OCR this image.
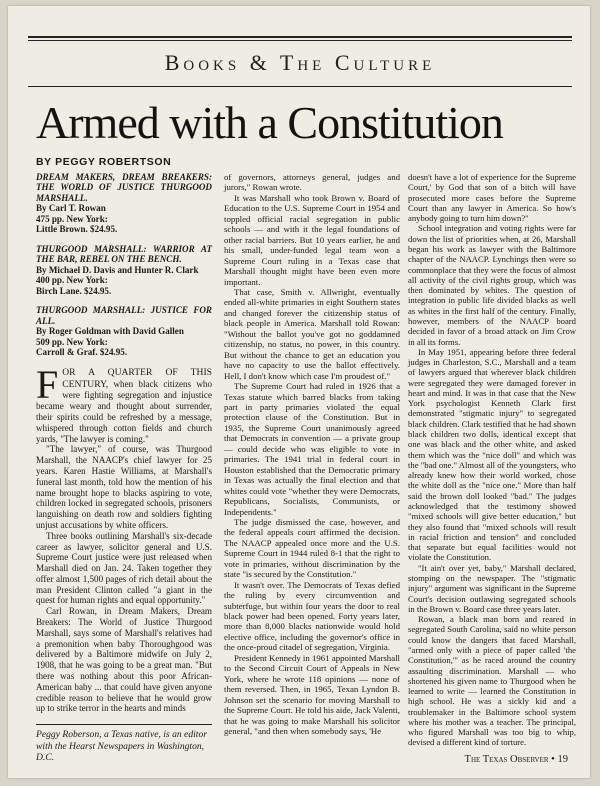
Books & The Culture
Armed with a Constitution
BY PEGGY ROBERTSON
DREAM MAKERS, DREAM BREAKERS: THE WORLD OF JUSTICE THURGOOD MARSHALL.
By Carl T. Rowan
475 pp. New York:
Little Brown. $24.95.
THURGOOD MARSHALL: WARRIOR AT THE BAR, REBEL ON THE BENCH.
By Michael D. Davis and Hunter R. Clark
400 pp. New York:
Birch Lane. $24.95.
THURGOOD MARSHALL: JUSTICE FOR ALL.
By Roger Goldman with David Gallen
509 pp. New York:
Carroll & Graf. $24.95.

FOR A QUARTER OF THIS CENTURY, when black citizens who were fighting segregation and injustice became weary and thought about surrender, their spirits could be refreshed by a message, whispered through cotton fields and church yards, "The lawyer is coming."

"The lawyer," of course, was Thurgood Marshall, the NAACP's chief lawyer for 25 years. Karen Hastie Williams, at Marshall's funeral last month, told how the mention of his name brought hope to blacks aspiring to vote, children locked in segregated schools, prisoners languishing on death row and soldiers fighting unjust accusations by white officers.

Three books outlining Marshall's six-decade career as lawyer, solicitor general and U.S. Supreme Court justice were just released when Marshall died on Jan. 24. Taken together they offer almost 1,500 pages of rich detail about the man President Clinton called "a giant in the quest for human rights and equal opportunity."

Carl Rowan, in Dream Makers, Dream Breakers: The World of Justice Thurgood Marshall, says some of Marshall's relatives had a premonition when baby Thoroughgood was delivered by a Baltimore midwife on July 2, 1908, that he was going to be a great man. "But there was nothing about this poor African-American baby ... that could have given anyone credible reason to believe that he would grow up to strike terror in the hearts and minds

Peggy Roberson, a Texas native, is an editor with the Hearst Newspapers in Washington, D.C.

of governors, attorneys general, judges and jurors," Rowan wrote.

It was Marshall who took Brown v. Board of Education to the U.S. Supreme Court in 1954 and toppled official racial segregation in public schools — and with it the legal foundations of other racial barriers. But 10 years earlier, he and his small, under-funded legal team won a Supreme Court ruling in a Texas case that Marshall thought might have been even more important.

That case, Smith v. Allwright, eventually ended all-white primaries in eight Southern states and changed forever the citizenship status of black people in America. Marshall told Rowan: "Without the ballot you've got no goddamned citizenship, no status, no power, in this country. But without the chance to get an education you have no capacity to use the ballot effectively. Hell, I don't know which case I'm proudest of."

The Supreme Court had ruled in 1926 that a Texas statute which barred blacks from taking part in party primaries violated the equal protection clause of the Constitution. But in 1935, the Supreme Court unanimously agreed that Democrats in convention — a private group — could decide who was eligible to vote in primaries. The 1941 trial in federal court in Houston established that the Democratic primary in Texas was actually the final election and that whites could vote "whether they were Democrats, Republicans, Socialists, Communists, or Independents."

The judge dismissed the case, however, and the federal appeals court affirmed the decision. The NAACP appealed once more and the U.S. Supreme Court in 1944 ruled 8-1 that the right to vote in primaries, without discrimination by the state "is secured by the Constitution."

It wasn't over. The Democrats of Texas defied the ruling by every circumvention and subterfuge, but within four years the door to real black power had been opened. Forty years later, more than 8,000 blacks nationwide would hold elective office, including the governor's office in the once-proud citadel of segregation, Virginia.

President Kennedy in 1961 appointed Marshall to the Second Circuit Court of Appeals in New York, where he wrote 118 opinions — none of them reversed. Then, in 1965, Texan Lyndon B. Johnson set the scenario for moving Marshall to the Supreme Court. He told his aide, Jack Valenti, that he was going to make Marshall his solicitor general, "and then when somebody says, 'He

doesn't have a lot of experience for the Supreme Court,' by God that son of a bitch will have prosecuted more cases before the Supreme Court than any lawyer in America. So how's anybody going to turn him down?"

School integration and voting rights were far down the list of priorities when, at 26, Marshall began his work as lawyer with the Baltimore chapter of the NAACP. Lynchings then were so commonplace that they were the focus of almost all activity of the civil rights group, which was then dominated by whites. The question of integration in public life divided blacks as well as whites in the first half of the century. Finally, however, members of the NAACP board decided in favor of a broad attack on Jim Crow in all its forms.

In May 1951, appearing before three federal judges in Charleston, S.C., Marshall and a team of lawyers argued that wherever black children were segregated they were damaged forever in heart and mind. It was in that case that the New York psychologist Kenneth Clark first demonstrated "stigmatic injury" to segregated black children. Clark testified that he had shown black children two dolls, identical except that one was black and the other white, and asked them which was the "nice doll" and which was the "bad one." Almost all of the youngsters, who already knew how their world worked, chose the white doll as the "nice one." More than half said the brown doll looked "bad." The judges acknowledged that the testimony showed "mixed schools will give better education," but they also found that "mixed schools will result in racial friction and tension" and concluded that separate but equal facilities would not violate the Constitution.

"It ain't over yet, baby," Marshall declared, stomping on the newspaper. The "stigmatic injury" argument was significant in the Supreme Court's decision outlawing segregated schools in the Brown v. Board case three years later.

Rowan, a black man born and reared in segregated South Carolina, said no white person could know the dangers that faced Marshall, "armed only with a piece of paper called 'the Constitution,'" as he raced around the country assaulting discrimination. Marshall — who shortened his given name to Thurgood when he learned to write — learned the Constitution in high school. He was a sickly kid and a troublemaker in the Baltimore school system where his mother was a teacher. The principal, who figured Marshall was too big to whip, devised a different kind of torture.

The Texas Observer • 19
